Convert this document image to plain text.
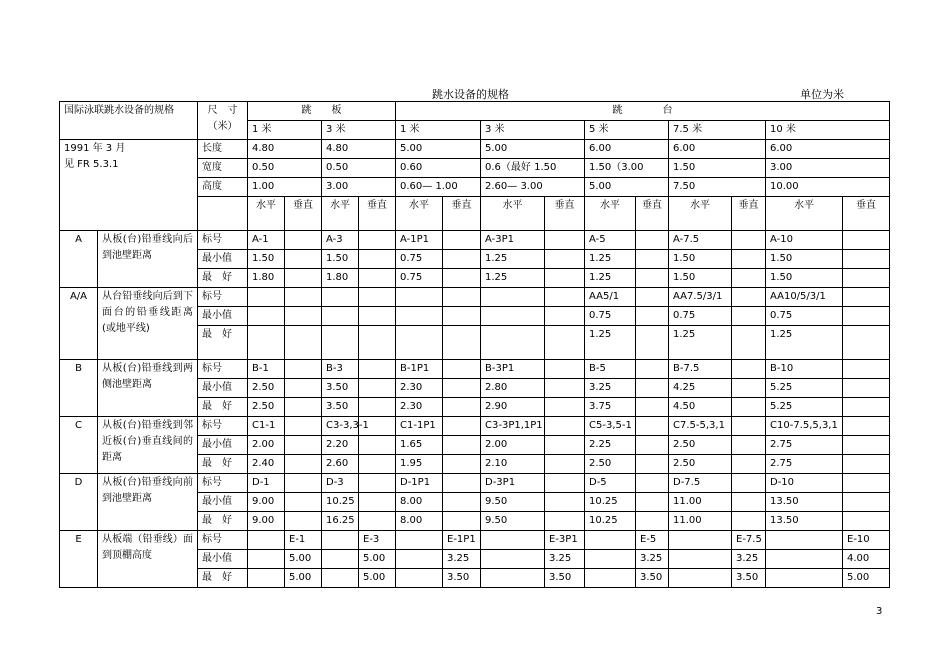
跳水设备的规格	单位为米
国际泳联跳水设备的规格		尺　寸（米）	跳　　板				跳　　　　台									
			1 米		3 米		1 米		3 米		5 米		7.5 米		10 米	

1991 年 3 月
见 FR 5.3.1		长度	4.80		4.80		5.00		5.00		6.00		6.00		6.00	
		宽度	0.50		0.50		0.60		0.6（最好 1.50		1.50（3.00		1.50		3.00	
		高度	1.00		3.00		0.60— 1.00		2.60— 3.00		5.00		7.50		10.00	
			水平	垂直	水平	垂直	水平	垂直	水平	垂直	水平	垂直	水平	垂直	水平	垂直
A	从板(台)铅垂线向后到池壁距离	标号	A-1		A-3		A-1P1		A-3P1		A-5		A-7.5		A-10	
		最小值	1.50		1.50		0.75		1.25		1.25		1.50		1.50	
		最　好	1.80		1.80		0.75		1.25		1.25		1.50		1.50	
A/A	从台铅垂线向后到下面台的铅垂线距离(或地平线)	标号									AA5/1		AA7.5/3/1		AA10/5/3/1	
		最小值									0.75		0.75		0.75	
		最　好									1.25		1.25		1.25	
B	从板(台)铅垂线到两侧池壁距离	标号	B-1		B-3		B-1P1		B-3P1		B-5		B-7.5		B-10	
		最小值	2.50		3.50		2.30		2.80		3.25		4.25		5.25	
		最　好	2.50		3.50		2.30		2.90		3.75		4.50		5.25	
C	从板(台)铅垂线到邻近板(台)垂直线间的距离	标号	C1-1		C3-3,3-1		C1-1P1		C3-3P1,1P1		C5-3,5-1		C7.5-5,3,1		C10-7.5,5,3,1	
		最小值	2.00		2.20		1.65		2.00		2.25		2.50		2.75	
		最　好	2.40		2.60		1.95		2.10		2.50		2.50		2.75	
D	从板(台)铅垂线向前到池壁距离	标号	D-1		D-3		D-1P1		D-3P1		D-5		D-7.5		D-10	
		最小值	9.00		10.25		8.00		9.50		10.25		11.00		13.50	
		最　好	9.00		16.25		8.00		9.50		10.25		11.00		13.50	
E	从板端（铅垂线）面到顶棚高度	标号		E-1		E-3		E-1P1		E-3P1		E-5		E-7.5		E-10
		最小值		5.00		5.00		3.25		3.25		3.25		3.25		4.00
		最　好		5.00		5.00		3.50		3.50		3.50		3.50		5.00
3
